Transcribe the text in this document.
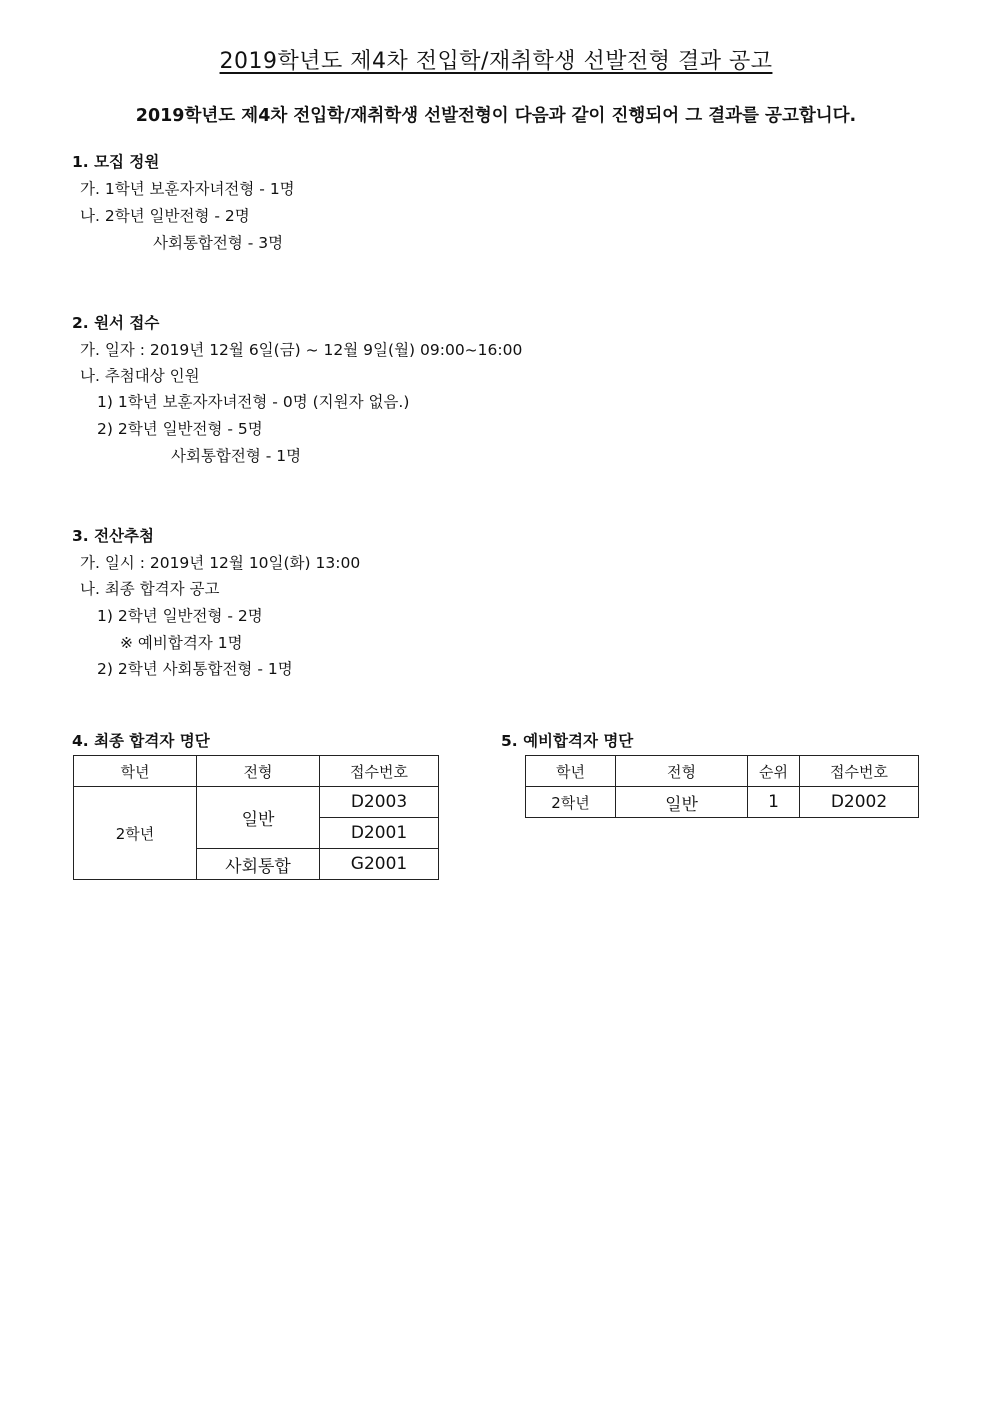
2019학년도 제4차 전입학/재취학생 선발전형 결과 공고
2019학년도 제4차 전입학/재취학생 선발전형이 다음과 같이 진행되어 그 결과를 공고합니다.
1. 모집 정원
가. 1학년 보훈자자녀전형 - 1명
나. 2학년 일반전형 - 2명
사회통합전형 - 3명
2. 원서 접수
가. 일자 : 2019년 12월 6일(금) ~ 12월 9일(월) 09:00~16:00
나. 추첨대상 인원
1) 1학년 보훈자자녀전형 - 0명 (지원자 없음.)
2) 2학년 일반전형 - 5명
사회통합전형 - 1명
3. 전산추첨
가. 일시 : 2019년 12월 10일(화) 13:00
나. 최종 합격자 공고
1) 2학년 일반전형 - 2명
※ 예비합격자 1명
2) 2학년 사회통합전형 - 1명
4. 최종 합격자 명단
학년	전형	접수번호
2학년	일반	D2003
		D2001
	사회통합	G2001
5. 예비합격자 명단
학년	전형	순위	접수번호
2학년	일반	1	D2002
